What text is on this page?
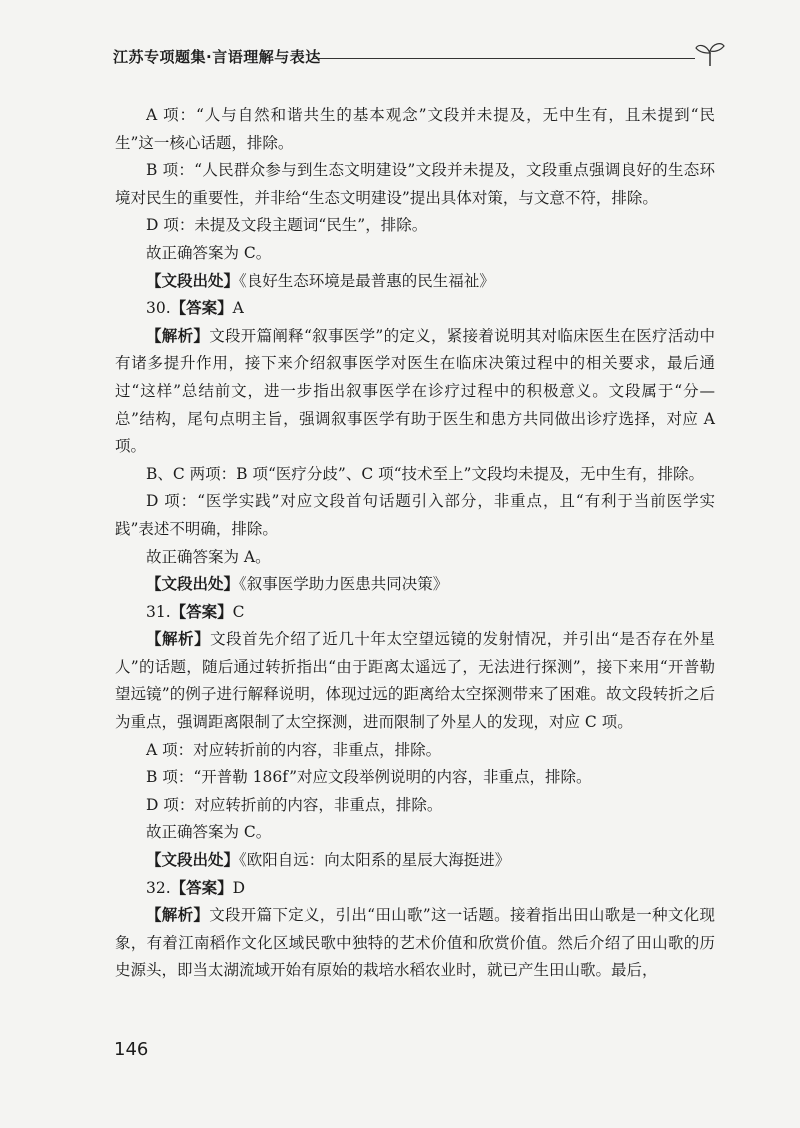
江苏专项题集·言语理解与表达

A 项：“人与自然和谐共生的基本观念”文段并未提及，无中生有，且未提到“民生”这一核心话题，排除。

B 项：“人民群众参与到生态文明建设”文段并未提及，文段重点强调良好的生态环境对民生的重要性，并非给“生态文明建设”提出具体对策，与文意不符，排除。

D 项：未提及文段主题词“民生”，排除。

故正确答案为 C。

【文段出处】《良好生态环境是最普惠的民生福祉》

30.【答案】A

【解析】文段开篇阐释“叙事医学”的定义，紧接着说明其对临床医生在医疗活动中有诸多提升作用，接下来介绍叙事医学对医生在临床决策过程中的相关要求，最后通过“这样”总结前文，进一步指出叙事医学在诊疗过程中的积极意义。文段属于“分—总”结构，尾句点明主旨，强调叙事医学有助于医生和患方共同做出诊疗选择，对应 A 项。

B、C 两项：B 项“医疗分歧”、C 项“技术至上”文段均未提及，无中生有，排除。

D 项：“医学实践”对应文段首句话题引入部分，非重点，且“有利于当前医学实践”表述不明确，排除。

故正确答案为 A。

【文段出处】《叙事医学助力医患共同决策》

31.【答案】C

【解析】文段首先介绍了近几十年太空望远镜的发射情况，并引出“是否存在外星人”的话题，随后通过转折指出“由于距离太遥远了，无法进行探测”，接下来用“开普勒望远镜”的例子进行解释说明，体现过远的距离给太空探测带来了困难。故文段转折之后为重点，强调距离限制了太空探测，进而限制了外星人的发现，对应 C 项。

A 项：对应转折前的内容，非重点，排除。

B 项：“开普勒 186f”对应文段举例说明的内容，非重点，排除。

D 项：对应转折前的内容，非重点，排除。

故正确答案为 C。

【文段出处】《欧阳自远：向太阳系的星辰大海挺进》

32.【答案】D

【解析】文段开篇下定义，引出“田山歌”这一话题。接着指出田山歌是一种文化现象，有着江南稻作文化区域民歌中独特的艺术价值和欣赏价值。然后介绍了田山歌的历史源头，即当太湖流域开始有原始的栽培水稻农业时，就已产生田山歌。最后，

146
